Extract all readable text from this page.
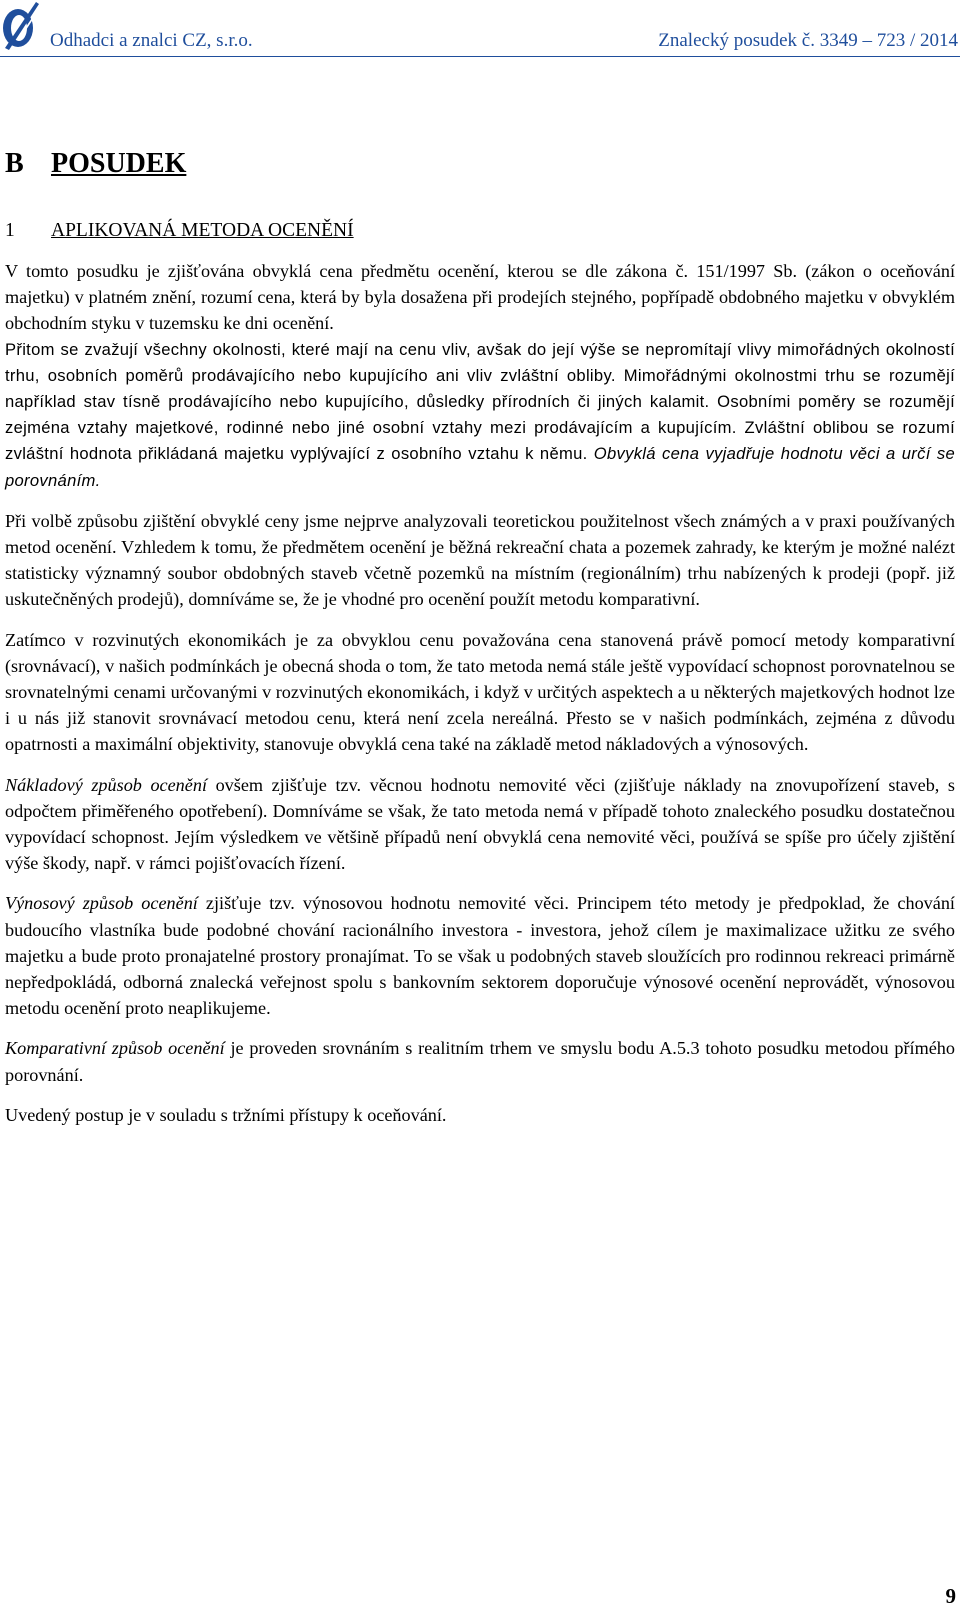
Odhadci a znalci CZ, s.r.o.	Znalecký posudek č. 3349 – 723 / 2014
B POSUDEK
1 APLIKOVANÁ METODA OCENĚNÍ

V tomto posudku je zjišťována obvyklá cena předmětu ocenění, kterou se dle zákona č. 151/1997 Sb. (zákon o oceňování majetku) v platném znění, rozumí cena, která by byla dosažena při prodejích stejného, popřípadě obdobného majetku v obvyklém obchodním styku v tuzemsku ke dni ocenění.

Přitom se zvažují všechny okolnosti, které mají na cenu vliv, avšak do její výše se nepromítají vlivy mimořádných okolností trhu, osobních poměrů prodávajícího nebo kupujícího ani vliv zvláštní obliby. Mimořádnými okolnostmi trhu se rozumějí například stav tísně prodávajícího nebo kupujícího, důsledky přírodních či jiných kalamit. Osobními poměry se rozumějí zejména vztahy majetkové, rodinné nebo jiné osobní vztahy mezi prodávajícím a kupujícím. Zvláštní oblibou se rozumí zvláštní hodnota přikládaná majetku vyplývající z osobního vztahu k němu. Obvyklá cena vyjadřuje hodnotu věci a určí se porovnáním.

Při volbě způsobu zjištění obvyklé ceny jsme nejprve analyzovali teoretickou použitelnost všech známých a v praxi používaných metod ocenění. Vzhledem k tomu, že předmětem ocenění je běžná rekreační chata a pozemek zahrady, ke kterým je možné nalézt statisticky významný soubor obdobných staveb včetně pozemků na místním (regionálním) trhu nabízených k prodeji (popř. již uskutečněných prodejů), domníváme se, že je vhodné pro ocenění použít metodu komparativní.

Zatímco v rozvinutých ekonomikách je za obvyklou cenu považována cena stanovená právě pomocí metody komparativní (srovnávací), v našich podmínkách je obecná shoda o tom, že tato metoda nemá stále ještě vypovídací schopnost porovnatelnou se srovnatelnými cenami určovanými v rozvinutých ekonomikách, i když v určitých aspektech a u některých majetkových hodnot lze i u nás již stanovit srovnávací metodou cenu, která není zcela nereálná. Přesto se v našich podmínkách, zejména z důvodu opatrnosti a maximální objektivity, stanovuje obvyklá cena také na základě metod nákladových a výnosových.

Nákladový způsob ocenění ovšem zjišťuje tzv. věcnou hodnotu nemovité věci (zjišťuje náklady na znovupořízení staveb, s odpočtem přiměřeného opotřebení). Domníváme se však, že tato metoda nemá v případě tohoto znaleckého posudku dostatečnou vypovídací schopnost. Jejím výsledkem ve většině případů není obvyklá cena nemovité věci, používá se spíše pro účely zjištění výše škody, např. v rámci pojišťovacích řízení.

Výnosový způsob ocenění zjišťuje tzv. výnosovou hodnotu nemovité věci. Principem této metody je předpoklad, že chování budoucího vlastníka bude podobné chování racionálního investora - investora, jehož cílem je maximalizace užitku ze svého majetku a bude proto pronajatelné prostory pronajímat. To se však u podobných staveb sloužících pro rodinnou rekreaci primárně nepředpokládá, odborná znalecká veřejnost spolu s bankovním sektorem doporučuje výnosové ocenění neprovádět, výnosovou metodu ocenění proto neaplikujeme.

Komparativní způsob ocenění je proveden srovnáním s realitním trhem ve smyslu bodu A.5.3 tohoto posudku metodou přímého porovnání.

Uvedený postup je v souladu s tržními přístupy k oceňování.

9
